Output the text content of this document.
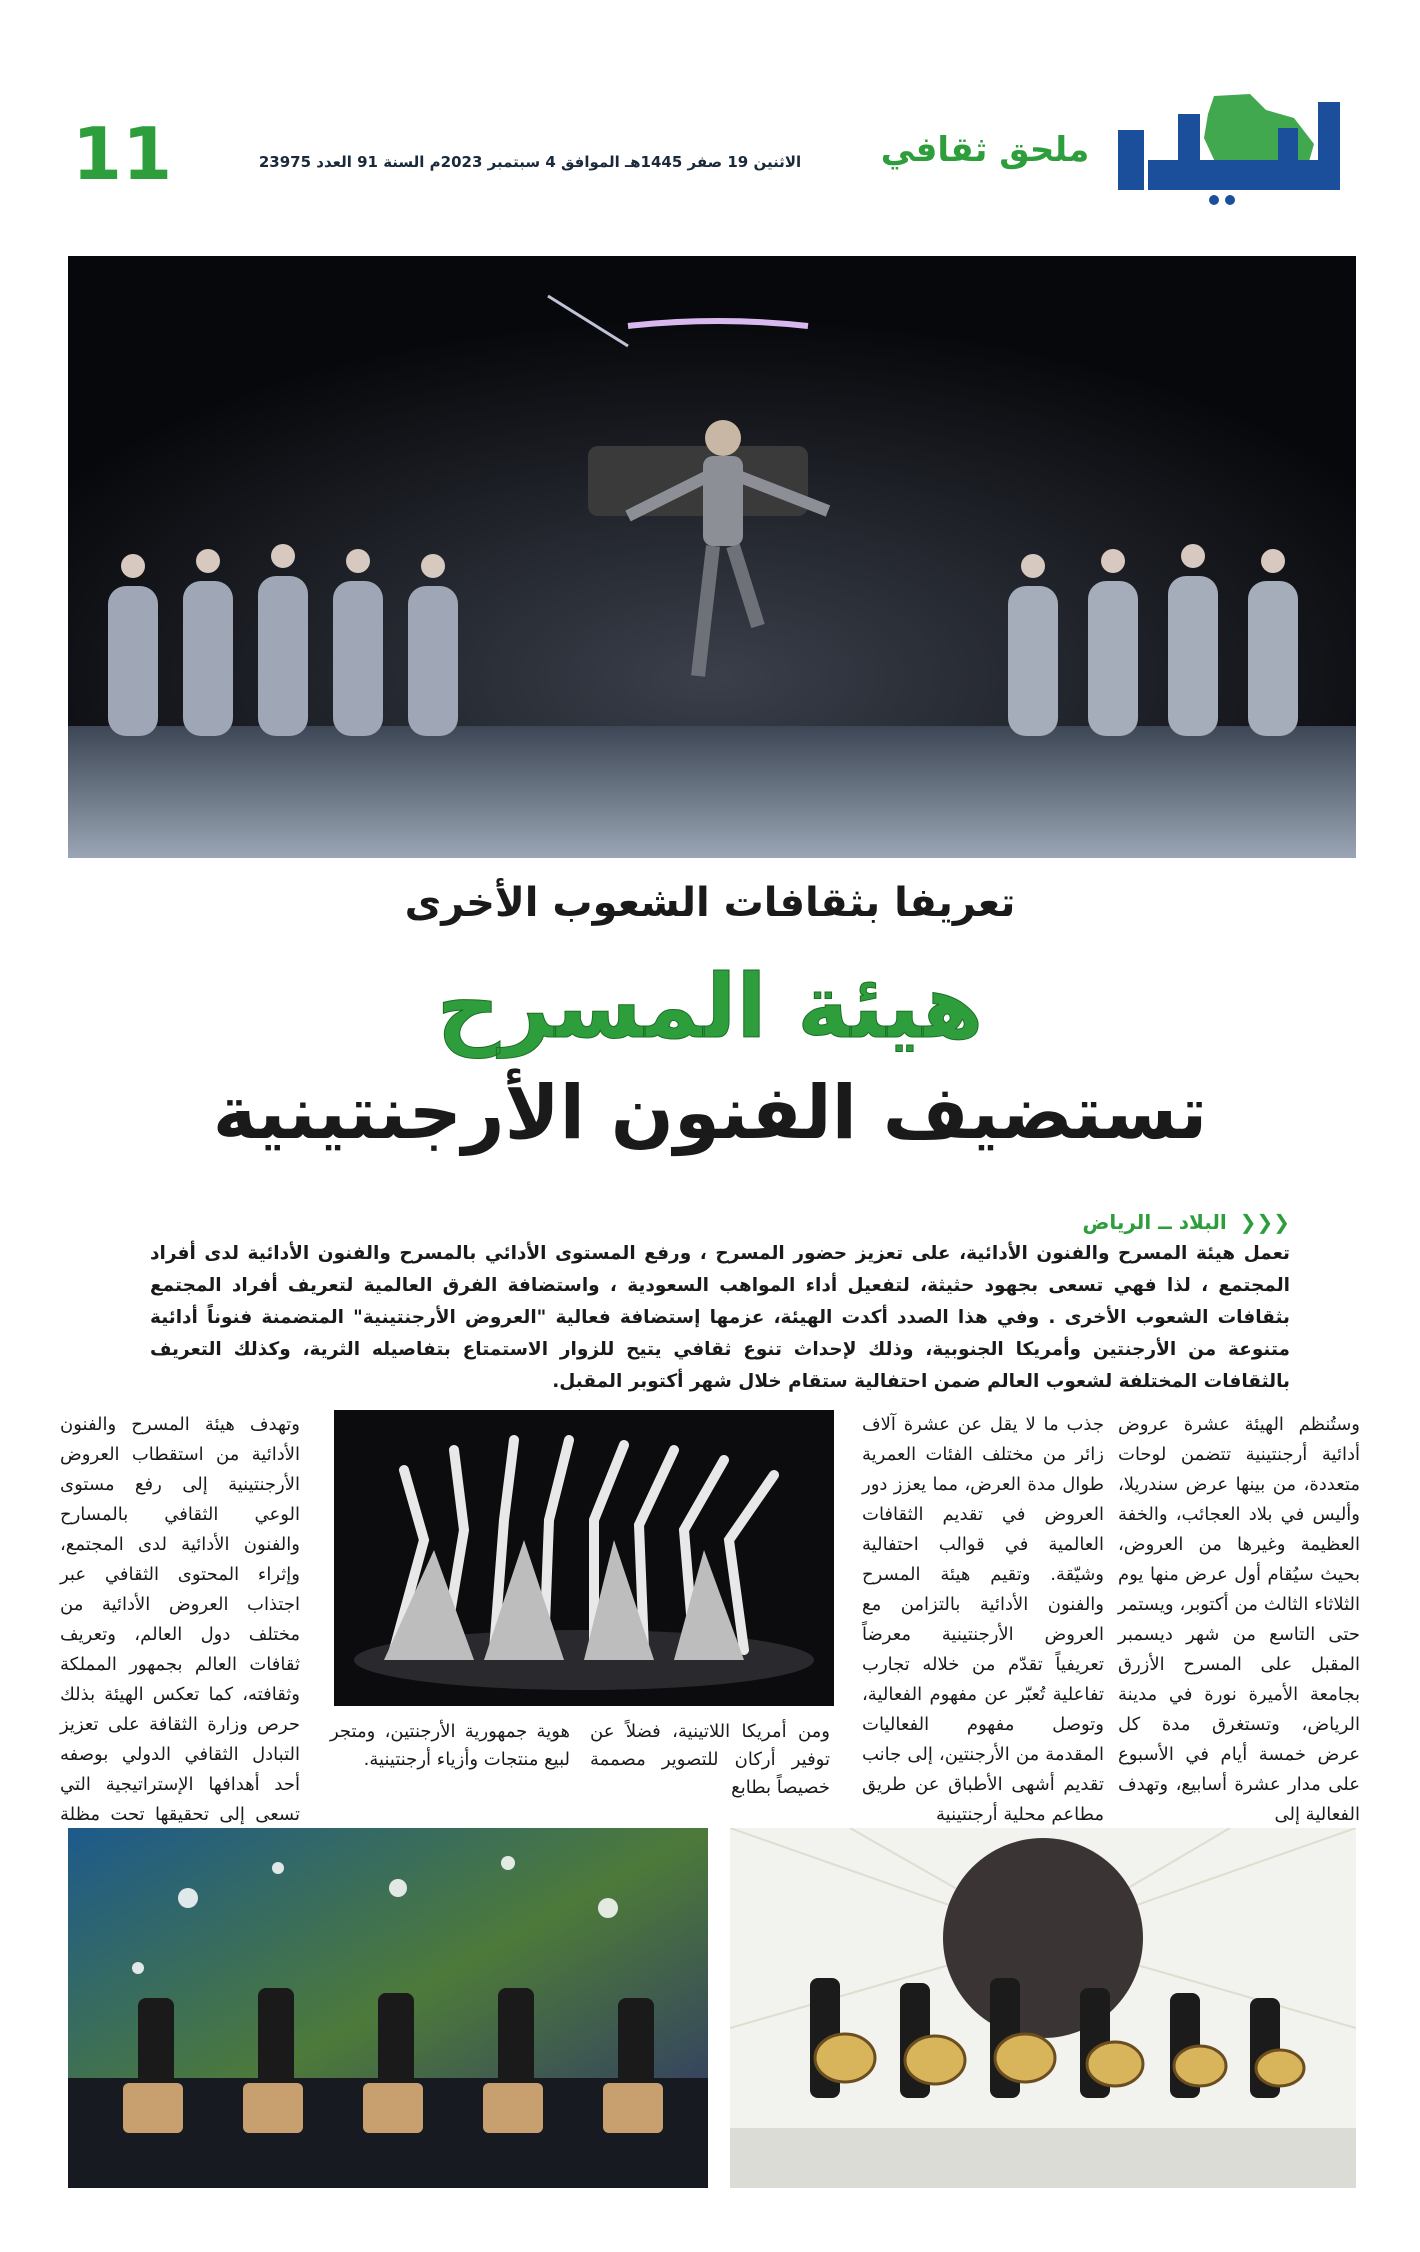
ملحق ثقافي
الاثنين 19 صفر 1445هـ الموافق 4 سبتمبر 2023م السنة 91 العدد 23975
11
تعريفا بثقافات الشعوب الأخرى
هيئة المسرح
تستضيف الفنون الأرجنتينية
❮❮❮ البلاد ــ الرياض
تعمل هيئة المسرح والفنون الأدائية، على تعزيز حضور المسرح ، ورفع المستوى الأدائي بالمسرح والفنون الأدائية لدى أفراد المجتمع ، لذا فهي تسعى بجهود حثيثة، لتفعيل أداء المواهب السعودية ، واستضافة الفرق العالمية لتعريف أفراد المجتمع بثقافات الشعوب الأخرى . وفي هذا الصدد أكدت الهيئة، عزمها إستضافة فعالية "العروض الأرجنتينية" المتضمنة فنوناً أدائية متنوعة من الأرجنتين وأمريكا الجنوبية، وذلك لإحداث تنوع ثقافي يتيح للزوار الاستمتاع بتفاصيله الثرية، وكذلك التعريف بالثقافات المختلفة لشعوب العالم ضمن احتفالية ستقام خلال شهر أكتوبر المقبل.
وستُنظم الهيئة عشرة عروض أدائية أرجنتينية تتضمن لوحات متعددة، من بينها عرض سندريلا، وأليس في بلاد العجائب، والخفة العظيمة وغيرها من العروض، بحيث سيُقام أول عرض منها يوم الثلاثاء الثالث من أكتوبر، ويستمر حتى التاسع من شهر ديسمبر المقبل على المسرح الأزرق بجامعة الأميرة نورة في مدينة الرياض، وتستغرق مدة كل عرض خمسة أيام في الأسبوع على مدار عشرة أسابيع، وتهدف الفعالية إلى
جذب ما لا يقل عن عشرة آلاف زائر من مختلف الفئات العمرية طوال مدة العرض، مما يعزز دور العروض في تقديم الثقافات العالمية في قوالب احتفالية وشيّقة. وتقيم هيئة المسرح والفنون الأدائية بالتزامن مع العروض الأرجنتينية معرضاً تعريفياً تقدّم من خلاله تجارب تفاعلية تُعبّر عن مفهوم الفعالية، وتوصل مفهوم الفعاليات المقدمة من الأرجنتين، إلى جانب تقديم أشهى الأطباق عن طريق مطاعم محلية أرجنتينية
ومن أمريكا اللاتينية، فضلاً عن توفير أركان للتصوير مصممة خصيصاً بطابع
هوية جمهورية الأرجنتين، ومتجر لبيع منتجات وأزياء أرجنتينية.
وتهدف هيئة المسرح والفنون الأدائية من استقطاب العروض الأرجنتينية إلى رفع مستوى الوعي الثقافي بالمسارح والفنون الأدائية لدى المجتمع، وإثراء المحتوى الثقافي عبر اجتذاب العروض الأدائية من مختلف دول العالم، وتعريف ثقافات العالم بجمهور المملكة وثقافته، كما تعكس الهيئة بذلك حرص وزارة الثقافة على تعزيز التبادل الثقافي الدولي بوصفه أحد أهدافها الإستراتيجية التي تسعى إلى تحقيقها تحت مظلة
